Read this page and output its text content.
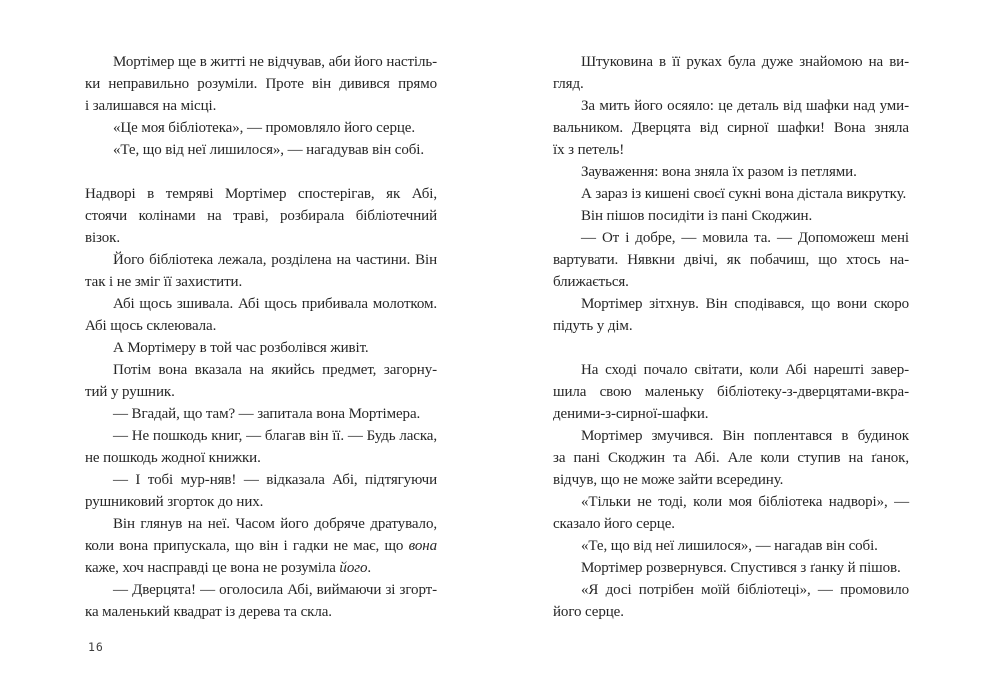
Мортімер ще в житті не відчував, аби його настіль-
ки неправильно розуміли. Проте він дивився прямо
і залишався на місці.
«Це моя бібліотека», — промовляло його серце.
«Те, що від неї лишилося», — нагадував він собі.
Надворі в темряві Мортімер спостерігав, як Абі,
стоячи колінами на траві, розбирала бібліотечний
візок.
Його бібліотека лежала, розділена на частини. Він
так і не зміг її захистити.
Абі щось зшивала. Абі щось прибивала молотком.
Абі щось склеювала.
А Мортімеру в той час розболівся живіт.
Потім вона вказала на якийсь предмет, загорну-
тий у рушник.
— Вгадай, що там? — запитала вона Мортімера.
— Не пошкодь книг, — благав він її. — Будь ласка,
не пошкодь жодної книжки.
— І тобі мур-няв! — відказала Абі, підтягуючи
рушниковий згорток до них.
Він глянув на неї. Часом його добряче дратувало,
коли вона припускала, що він і гадки не має, що вона
каже, хоч насправді це вона не розуміла його.
— Дверцята! — оголосила Абі, виймаючи зі згорт-
ка маленький квадрат із дерева та скла.
Штуковина в її руках була дуже знайомою на ви-
гляд.
За мить його осяяло: це деталь від шафки над уми-
вальником. Дверцята від сирної шафки! Вона зняла
їх з петель!
Зауваження: вона зняла їх разом із петлями.
А зараз із кишені своєї сукні вона дістала викрутку.
Він пішов посидіти із пані Скоджин.
— От і добре, — мовила та. — Допоможеш мені
вартувати. Нявкни двічі, як побачиш, що хтось на-
ближається.
Мортімер зітхнув. Він сподівався, що вони скоро
підуть у дім.
На сході почало світати, коли Абі нарешті завер-
шила свою маленьку бібліотеку-з-дверцятами-вкра-
деними-з-сирної-шафки.
Мортімер змучився. Він поплентався в будинок
за пані Скоджин та Абі. Але коли ступив на ґанок,
відчув, що не може зайти всередину.
«Тільки не тоді, коли моя бібліотека надворі», —
сказало його серце.
«Те, що від неї лишилося», — нагадав він собі.
Мортімер розвернувся. Спустився з ґанку й пішов.
«Я досі потрібен моїй бібліотеці», — промовило
його серце.
16
